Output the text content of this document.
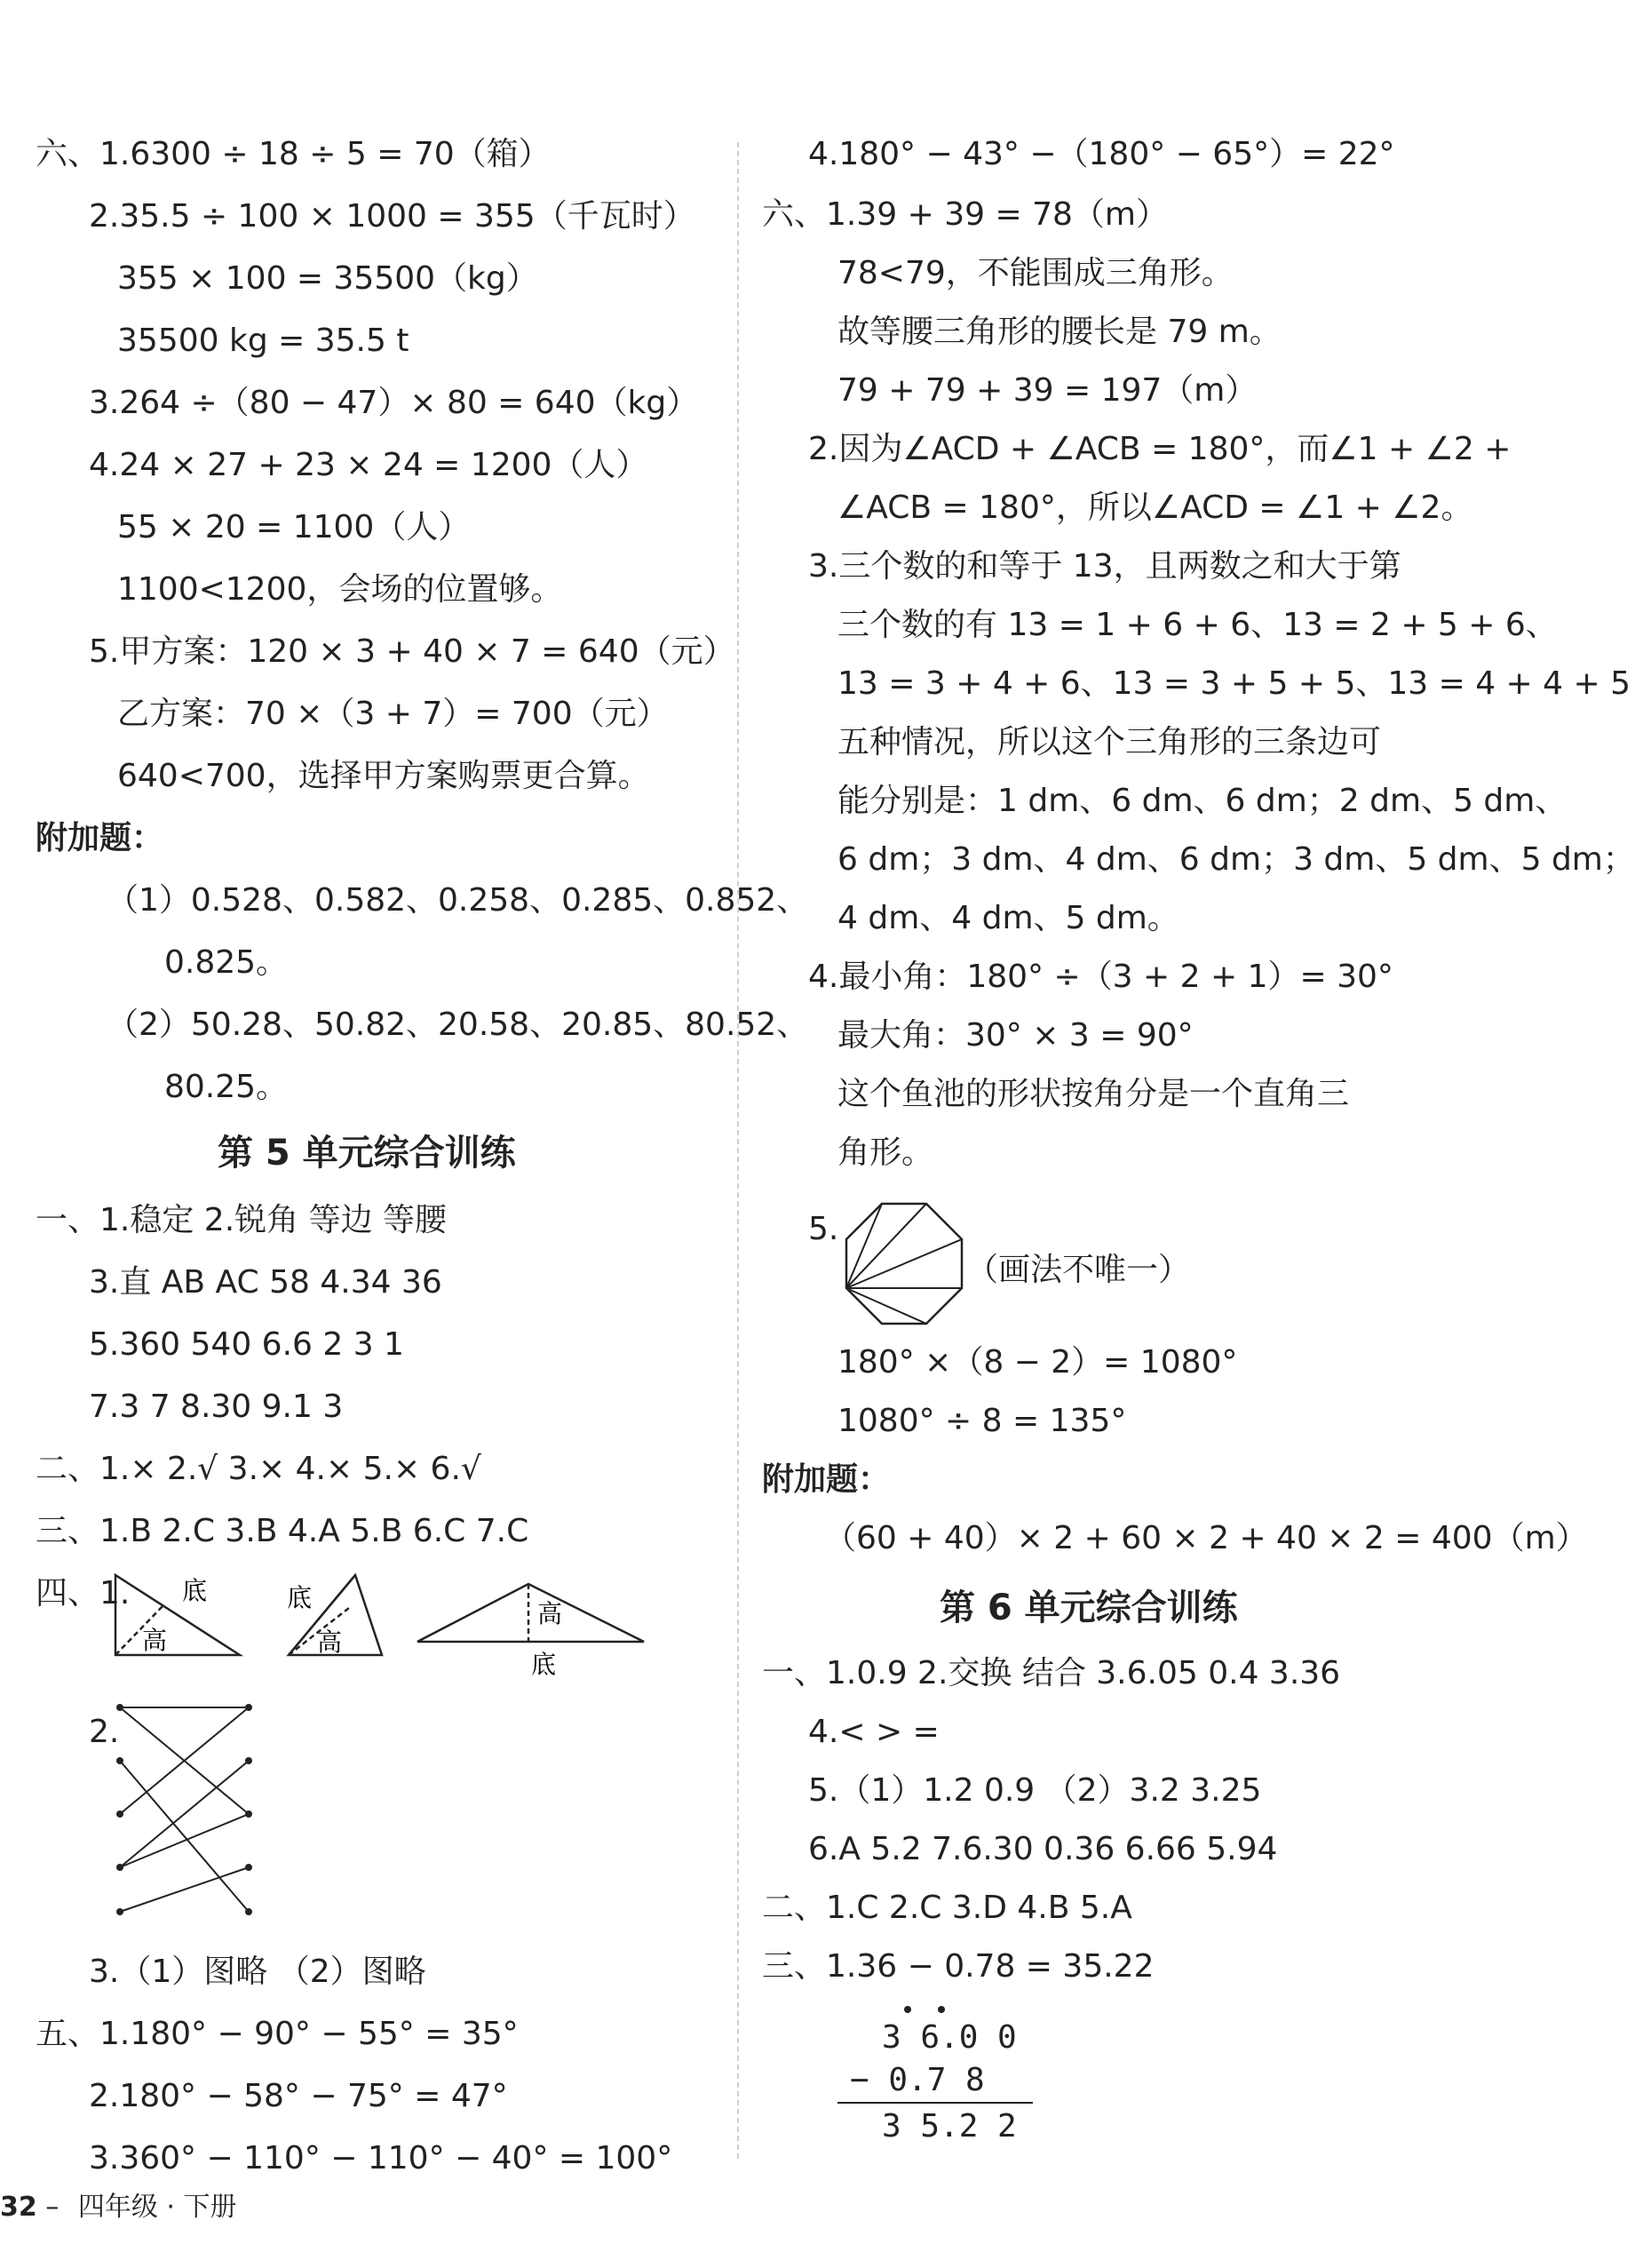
六、1.6300 ÷ 18 ÷ 5 = 70（箱）
2.35.5 ÷ 100 × 1000 = 355（千瓦时）
355 × 100 = 35500（kg）
35500 kg = 35.5 t
3.264 ÷（80 − 47）× 80 = 640（kg）
4.24 × 27 + 23 × 24 = 1200（人）
55 × 20 = 1100（人）
1100<1200，会场的位置够。
5.甲方案：120 × 3 + 40 × 7 = 640（元）
乙方案：70 ×（3 + 7）= 700（元）
640<700，选择甲方案购票更合算。
附加题：
（1）0.528、0.582、0.258、0.285、0.852、
0.825。
（2）50.28、50.82、20.58、20.85、80.52、
80.25。
第 5 单元综合训练
一、1.稳定 2.锐角 等边 等腰
3.直 AB AC 58 4.34 36
5.360 540 6.6 2 3 1
7.3 7 8.30 9.1 3
二、1.× 2.√ 3.× 4.× 5.× 6.√
三、1.B 2.C 3.B 4.A 5.B 6.C 7.C
四、1. 底
高
底
高
高
底
2.
3.（1）图略 （2）图略
五、1.180° − 90° − 55° = 35°
2.180° − 58° − 75° = 47°
3.360° − 110° − 110° − 40° = 100°
4.180° − 43° −（180° − 65°）= 22°
六、1.39 + 39 = 78（m）
78<79，不能围成三角形。
故等腰三角形的腰长是 79 m。
79 + 79 + 39 = 197（m）
2.因为∠ACD + ∠ACB = 180°，而∠1 + ∠2 +
∠ACB = 180°，所以∠ACD = ∠1 + ∠2。
3.三个数的和等于 13，且两数之和大于第
三个数的有 13 = 1 + 6 + 6、13 = 2 + 5 + 6、
13 = 3 + 4 + 6、13 = 3 + 5 + 5、13 = 4 + 4 + 5
五种情况，所以这个三角形的三条边可
能分别是：1 dm、6 dm、6 dm；2 dm、5 dm、
6 dm；3 dm、4 dm、6 dm；3 dm、5 dm、5 dm；
4 dm、4 dm、5 dm。
4.最小角：180° ÷（3 + 2 + 1）= 30°
最大角：30° × 3 = 90°
这个鱼池的形状按角分是一个直角三
角形。
5.
（画法不唯一）
180° ×（8 − 2）= 1080°
1080° ÷ 8 = 135°
附加题：
（60 + 40）× 2 + 60 × 2 + 40 × 2 = 400（m）
第 6 单元综合训练
一、1.0.9 2.交换 结合 3.6.05 0.4 3.36
4.< > =
5.（1）1.2 0.9 （2）3.2 3.25
6.A 5.2 7.6.30 0.36 6.66 5.94
二、1.C 2.C 3.D 4.B 5.A
三、1.36 − 0.78 = 35.22
3 6.0 0
− 0.7 8
3 5.2 2
32 – 四年级 · 下册
